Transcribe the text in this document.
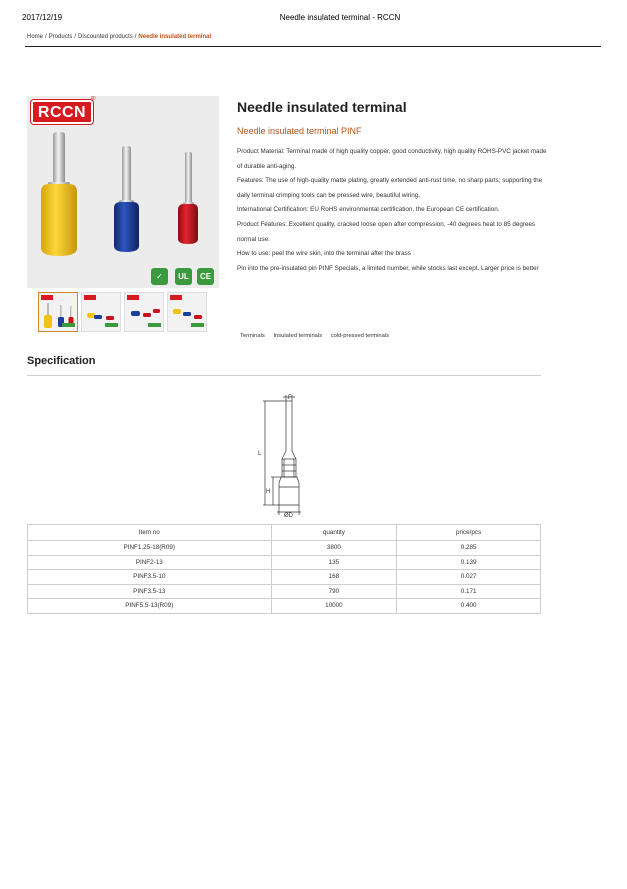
2017/12/19	Needle insulated terminal - RCCN
Home / Products / Discounted products / Needle insulated terminal
RCCN
®
✓	UL	CE
Needle insulated terminal
Needle insulated terminal PINF

Product Material: Terminal made of high quality copper, good conductivity, high quality ROHS-PVC jacket made of durable anti-aging.

Features: The use of high-quality matte plating, greatly extended anti-rust time, no sharp parts; supporting the daily terminal crimping tools can be pressed wire, beautiful wiring,

International Certification: EU RoHS environmental certification, the European CE certification.

Product Features: Excellent quality, cracked loose open after compression, -40 degrees heat to 85 degrees normal use.

How to use: peel the wire skin, into the terminal after the brass

Pin into the pre-insulated pin PINF Specials, a limited number, while stocks last except. Larger price is better

Terminals Insulated terminals cold-pressed terminals
Specification
F
L
H
ØD
Item no	quantity	price/pcs
PINF1.25-18(R09)	3800	0.285
PINF2-13	135	0.139
PINF3.5-10	168	0.027
PINF3.5-13	790	0.171
PINF5.5-13(R09)	10000	0.400
